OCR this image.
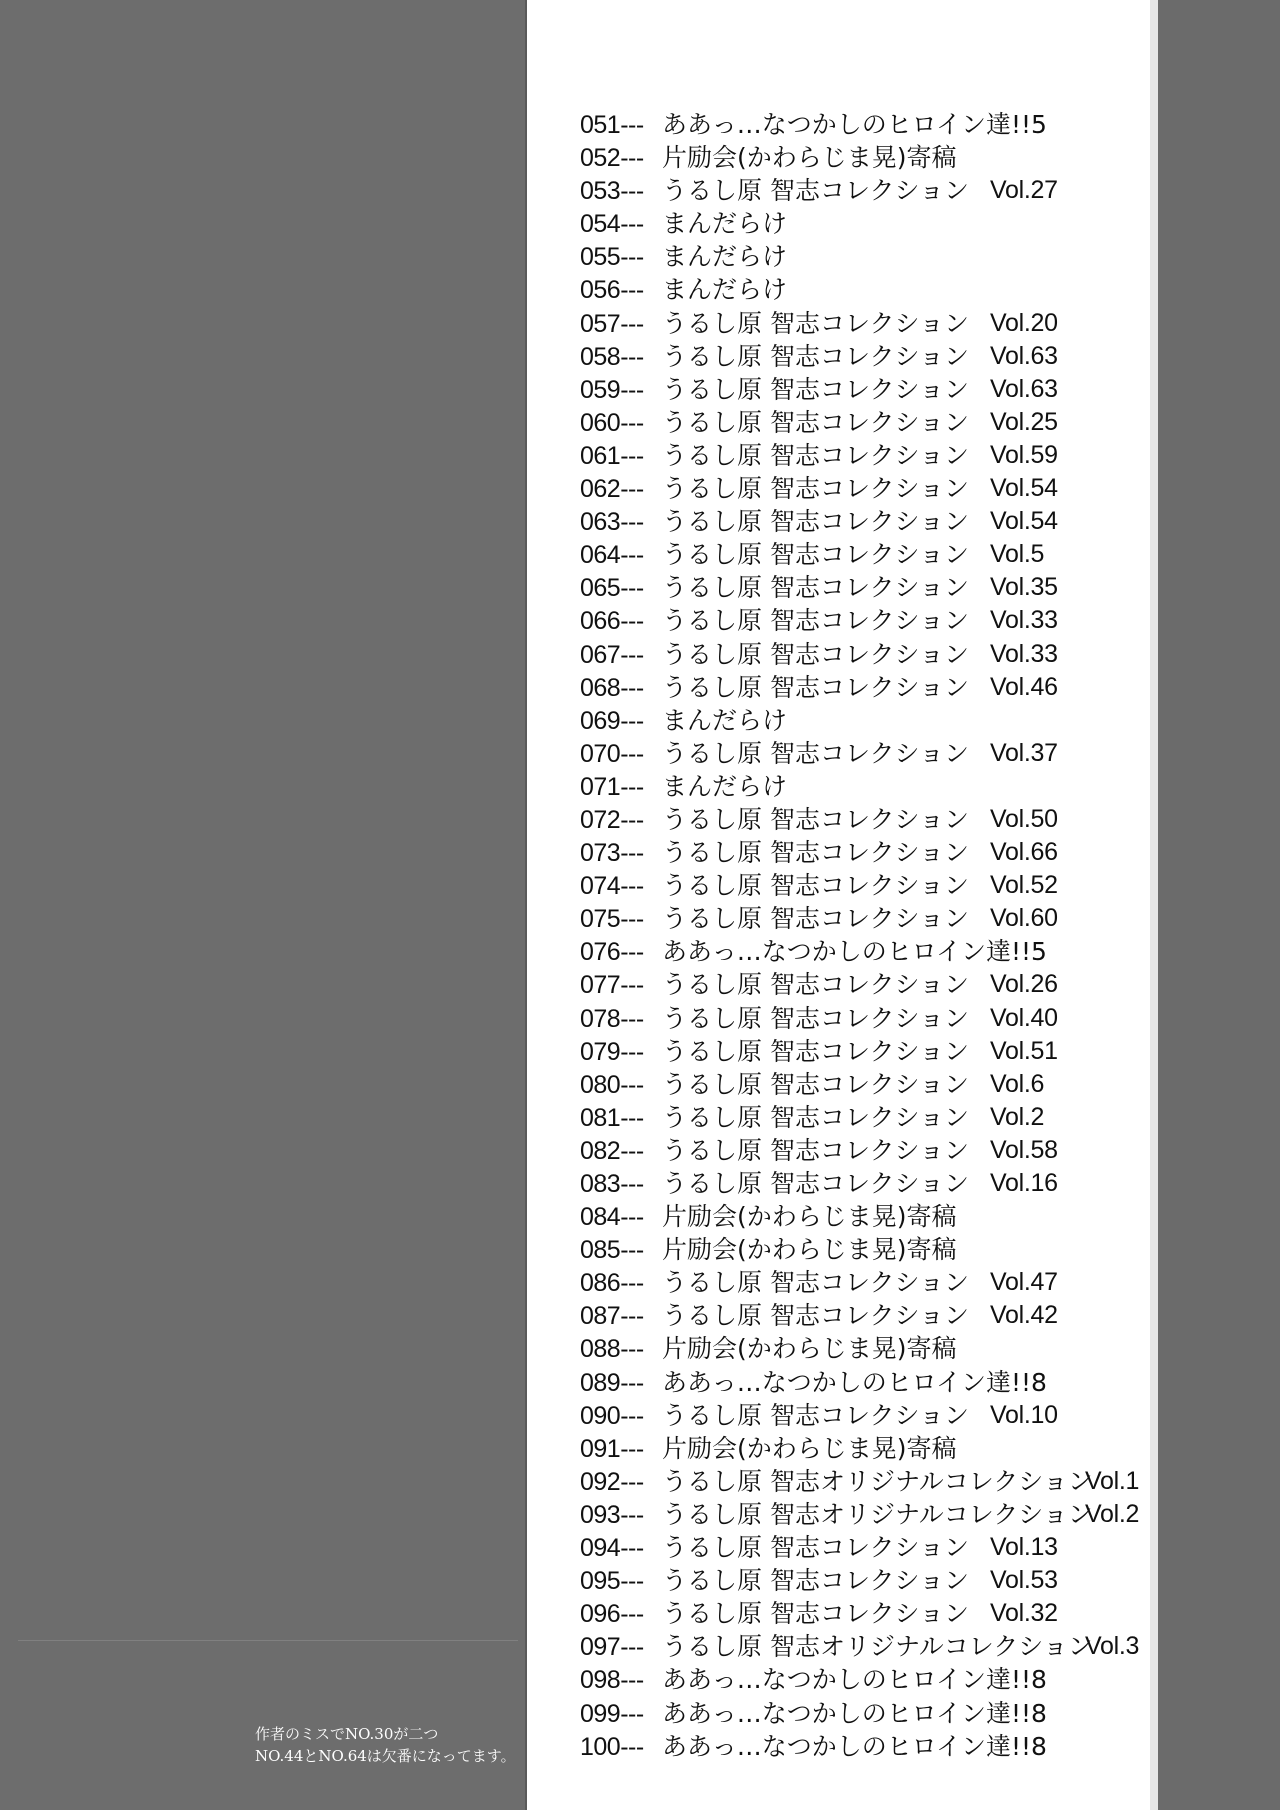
051--- ああっ…なつかしのヒロイン達!!5
052--- 片励会(かわらじま晃)寄稿
053--- うるし原 智志コレクション Vol.27
054--- まんだらけ
055--- まんだらけ
056--- まんだらけ
057--- うるし原 智志コレクション Vol.20
058--- うるし原 智志コレクション Vol.63
059--- うるし原 智志コレクション Vol.63
060--- うるし原 智志コレクション Vol.25
061--- うるし原 智志コレクション Vol.59
062--- うるし原 智志コレクション Vol.54
063--- うるし原 智志コレクション Vol.54
064--- うるし原 智志コレクション Vol.5
065--- うるし原 智志コレクション Vol.35
066--- うるし原 智志コレクション Vol.33
067--- うるし原 智志コレクション Vol.33
068--- うるし原 智志コレクション Vol.46
069--- まんだらけ
070--- うるし原 智志コレクション Vol.37
071--- まんだらけ
072--- うるし原 智志コレクション Vol.50
073--- うるし原 智志コレクション Vol.66
074--- うるし原 智志コレクション Vol.52
075--- うるし原 智志コレクション Vol.60
076--- ああっ…なつかしのヒロイン達!!5
077--- うるし原 智志コレクション Vol.26
078--- うるし原 智志コレクション Vol.40
079--- うるし原 智志コレクション Vol.51
080--- うるし原 智志コレクション Vol.6
081--- うるし原 智志コレクション Vol.2
082--- うるし原 智志コレクション Vol.58
083--- うるし原 智志コレクション Vol.16
084--- 片励会(かわらじま晃)寄稿
085--- 片励会(かわらじま晃)寄稿
086--- うるし原 智志コレクション Vol.47
087--- うるし原 智志コレクション Vol.42
088--- 片励会(かわらじま晃)寄稿
089--- ああっ…なつかしのヒロイン達!!8
090--- うるし原 智志コレクション Vol.10
091--- 片励会(かわらじま晃)寄稿
092--- うるし原 智志オリジナルコレクション
Vol.1
093--- うるし原 智志オリジナルコレクション
Vol.2
094--- うるし原 智志コレクション Vol.13
095--- うるし原 智志コレクション Vol.53
096--- うるし原 智志コレクション Vol.32
097--- うるし原 智志オリジナルコレクション
Vol.3
098--- ああっ…なつかしのヒロイン達!!8
099--- ああっ…なつかしのヒロイン達!!8
100--- ああっ…なつかしのヒロイン達!!8
作者のミスでNO.30が二つ
NO.44とNO.64は欠番になってます。
